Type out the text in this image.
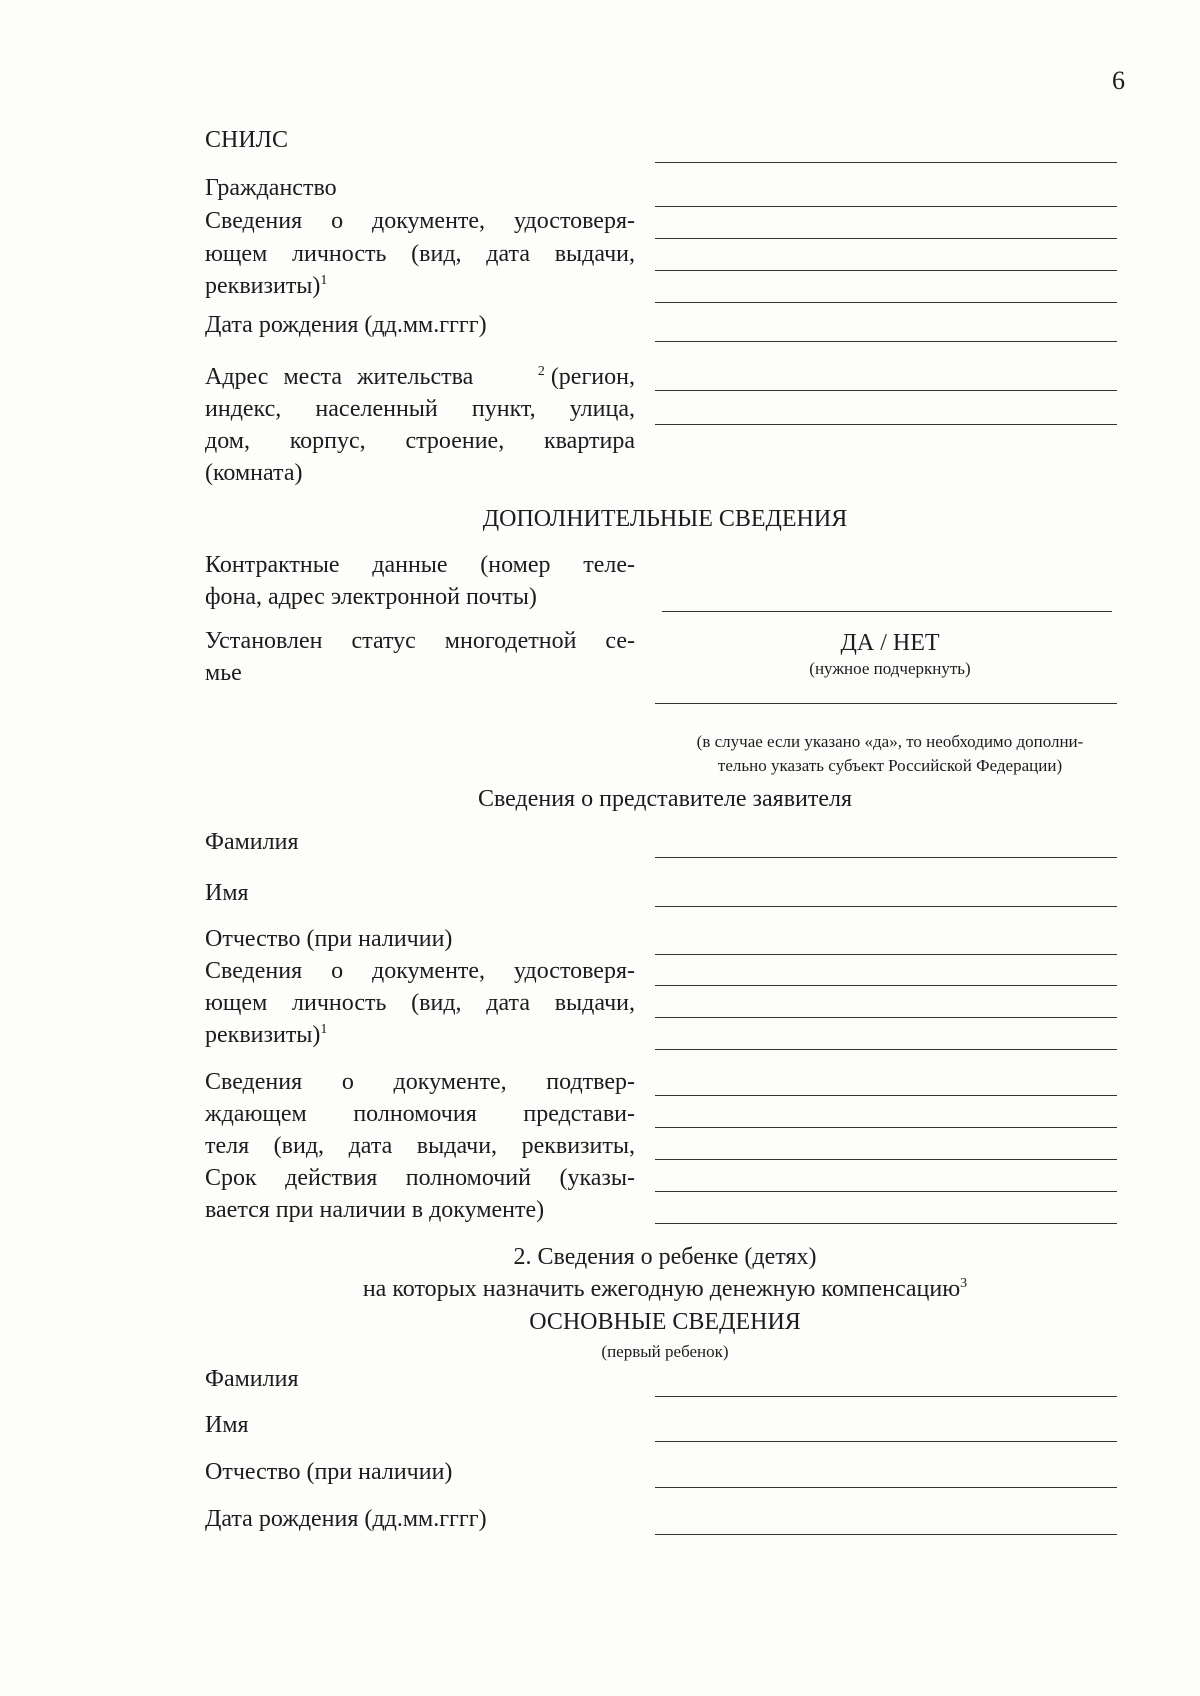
6
СНИЛС
Гражданство
Сведения о документе, удостоверя-
ющем личность (вид, дата выдачи,
реквизиты)$^1$
Дата рождения (дд.мм.гггг)
Адрес места жительства	$^2$ (регион,
индекс, населенный пункт, улица,
дом, корпус, строение, квартира
(комната)
ДОПОЛНИТЕЛЬНЫЕ СВЕДЕНИЯ
Контрактные данные (номер теле-
фона, адрес электронной почты)
Установлен статус многодетной се-
мье
ДА / НЕТ
(нужное подчеркнуть)
(в случае если указано «да», то необходимо дополни-
тельно указать субъект Российской Федерации)
Сведения о представителе заявителя
Фамилия
Имя
Отчество (при наличии)
Сведения о документе, удостоверя-
ющем личность (вид, дата выдачи,
реквизиты)$^1$
Сведения о документе, подтвер-
ждающем полномочия представи-
теля (вид, дата выдачи, реквизиты,
Срок действия полномочий (указы-
вается при наличии в документе)
2. Сведения о ребенке (детях)
на которых назначить ежегодную денежную компенсацию$^3$
ОСНОВНЫЕ СВЕДЕНИЯ
(первый ребенок)
Фамилия
Имя
Отчество (при наличии)
Дата рождения (дд.мм.гггг)
